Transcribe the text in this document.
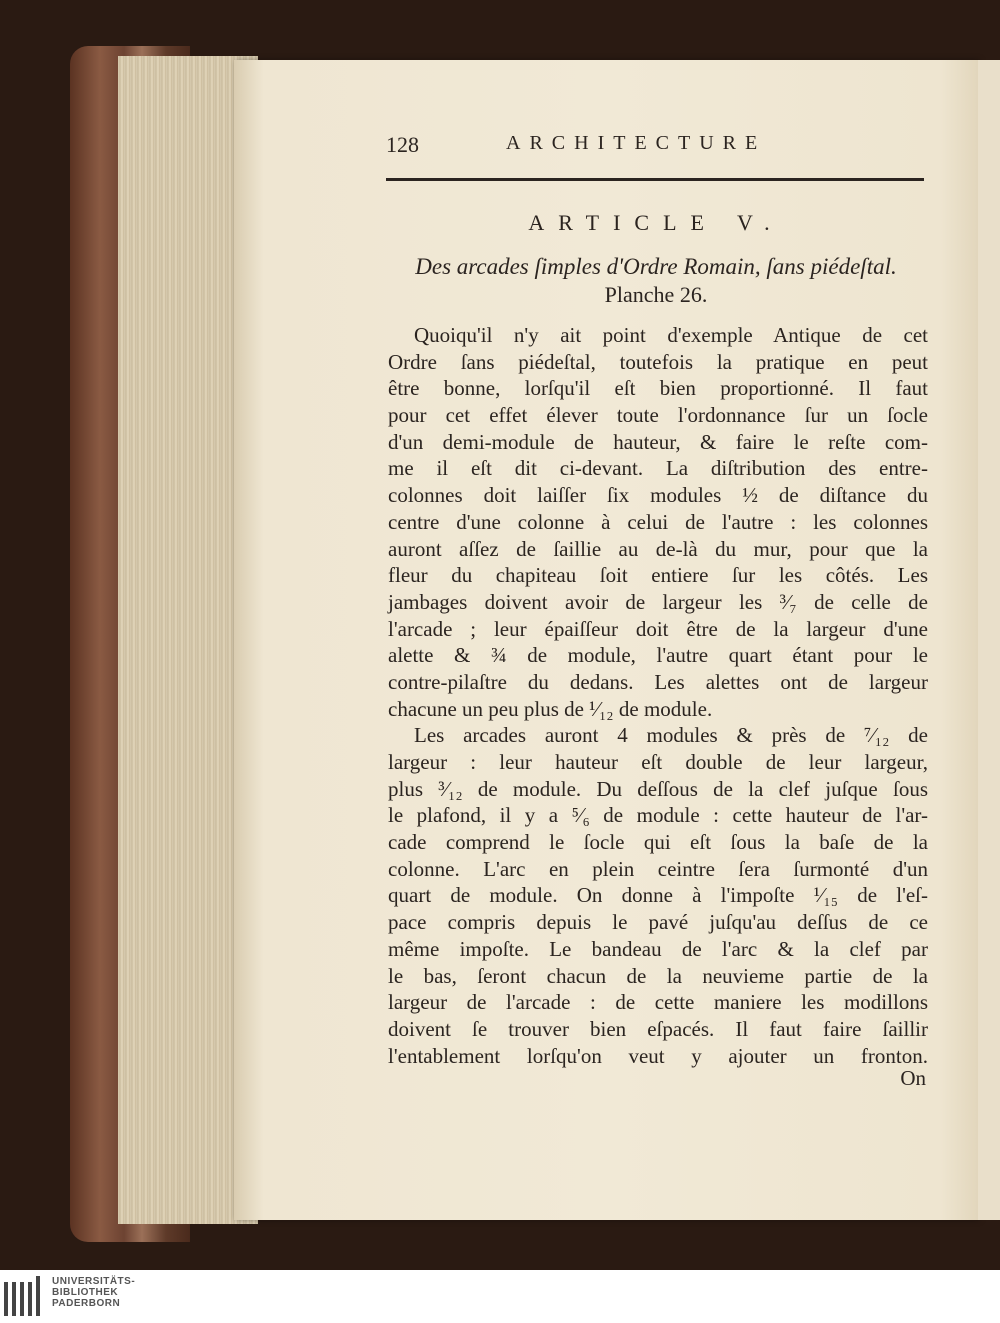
128	ARCHITECTURE
ARTICLE V.
Des arcades ſimples d'Ordre Romain, ſans piédeſtal.
Planche 26.
Quoiqu'il n'y ait point d'exemple Antique de cet
Ordre ſans piédeſtal, toutefois la pratique en peut
être bonne, lorſqu'il eſt bien proportionné. Il faut
pour cet effet élever toute l'ordonnance ſur un ſocle
d'un demi-module de hauteur, & faire le reſte com-
me il eſt dit ci-devant. La diſtribution des entre-
colonnes doit laiſſer ſix modules ½ de diſtance du
centre d'une colonne à celui de l'autre : les colonnes
auront aſſez de ſaillie au de-là du mur, pour que la
fleur du chapiteau ſoit entiere ſur les côtés. Les
jambages doivent avoir de largeur les ³⁄₇ de celle de
l'arcade ; leur épaiſſeur doit être de la largeur d'une
alette & ¾ de module, l'autre quart étant pour le
contre-pilaſtre du dedans. Les alettes ont de largeur
chacune un peu plus de ¹⁄₁₂ de module.
Les arcades auront 4 modules & près de ⁷⁄₁₂ de
largeur : leur hauteur eſt double de leur largeur,
plus ³⁄₁₂ de module. Du deſſous de la clef juſque ſous
le plafond, il y a ⁵⁄₆ de module : cette hauteur de l'ar-
cade comprend le ſocle qui eſt ſous la baſe de la
colonne. L'arc en plein ceintre ſera ſurmonté d'un
quart de module. On donne à l'impoſte ¹⁄₁₅ de l'eſ-
pace compris depuis le pavé juſqu'au deſſus de ce
même impoſte. Le bandeau de l'arc & la clef par
le bas, ſeront chacun de la neuvieme partie de la
largeur de l'arcade : de cette maniere les modillons
doivent ſe trouver bien eſpacés. Il faut faire ſaillir
l'entablement lorſqu'on veut y ajouter un fronton.
On
UNIVERSITÄTS-
BIBLIOTHEK
PADERBORN
